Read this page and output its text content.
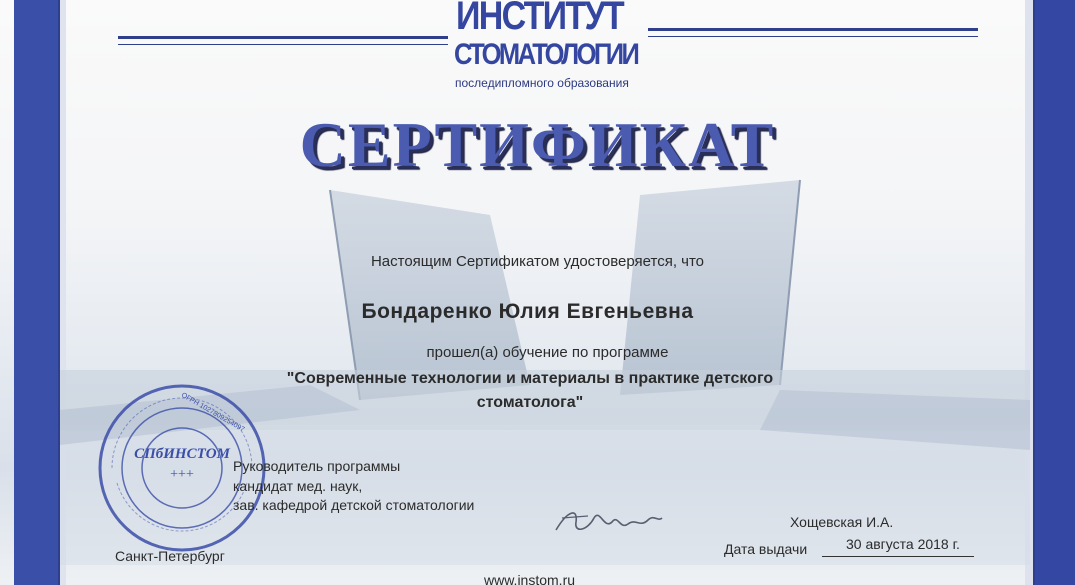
ИНСТИТУТ
СТОМАТОЛОГИИ
последипломного образования
СЕРТИФИКАТ
Настоящим Сертификатом удостоверяется, что
Бондаренко Юлия Евгеньевна
прошел(а) обучение по программе
"Современные технологии и материалы в практике детского
стоматолога"
СПбИНСТОМ
+++
ОГРН 1027809254097
Руководитель программы
кандидат мед. наук,
зав. кафедрой детской стоматологии
Хощевская И.А.
Санкт-Петербург	Дата выдачи	30 августа 2018 г.
www.instom.ru
